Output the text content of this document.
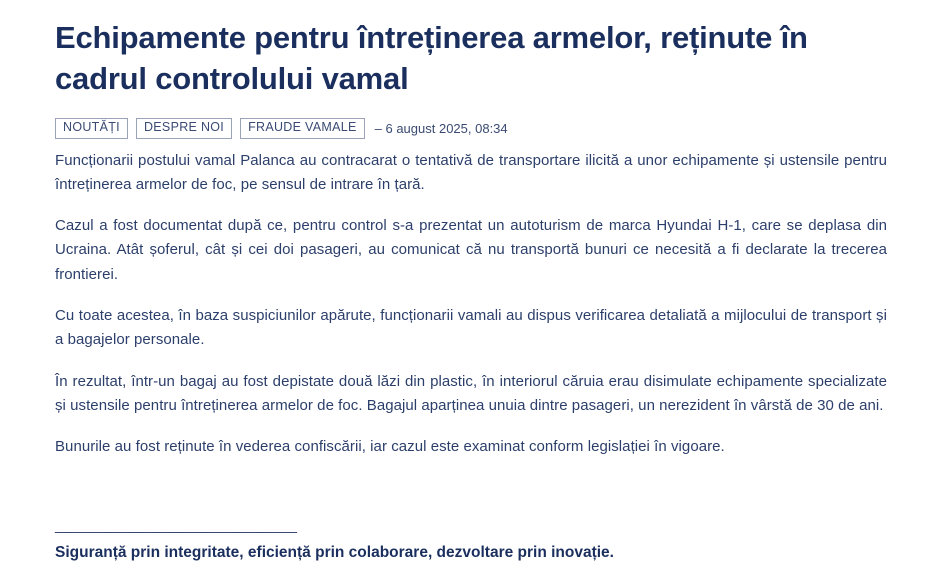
Echipamente pentru întreținerea armelor, reținute în cadrul controlului vamal
NOUTĂȚI	DESPRE NOI	FRAUDE VAMALE	– 6 august 2025, 08:34

Funcționarii postului vamal Palanca au contracarat o tentativă de transportare ilicită a unor echipamente și ustensile pentru întreținerea armelor de foc, pe sensul de intrare în țară.

Cazul a fost documentat după ce, pentru control s-a prezentat un autoturism de marca Hyundai H-1, care se deplasa din Ucraina. Atât șoferul, cât și cei doi pasageri, au comunicat că nu transportă bunuri ce necesită a fi declarate la trecerea frontierei.

Cu toate acestea, în baza suspiciunilor apărute, funcționarii vamali au dispus verificarea detaliată a mijlocului de transport și a bagajelor personale.

În rezultat, într-un bagaj au fost depistate două lăzi din plastic, în interiorul căruia erau disimulate echipamente specializate și ustensile pentru întreținerea armelor de foc. Bagajul aparținea unuia dintre pasageri, un nerezident în vârstă de 30 de ani.

Bunurile au fost reținute în vederea confiscării, iar cazul este examinat conform legislației în vigoare.

_____________________________
Siguranță prin integritate, eficiență prin colaborare, dezvoltare prin inovație.
